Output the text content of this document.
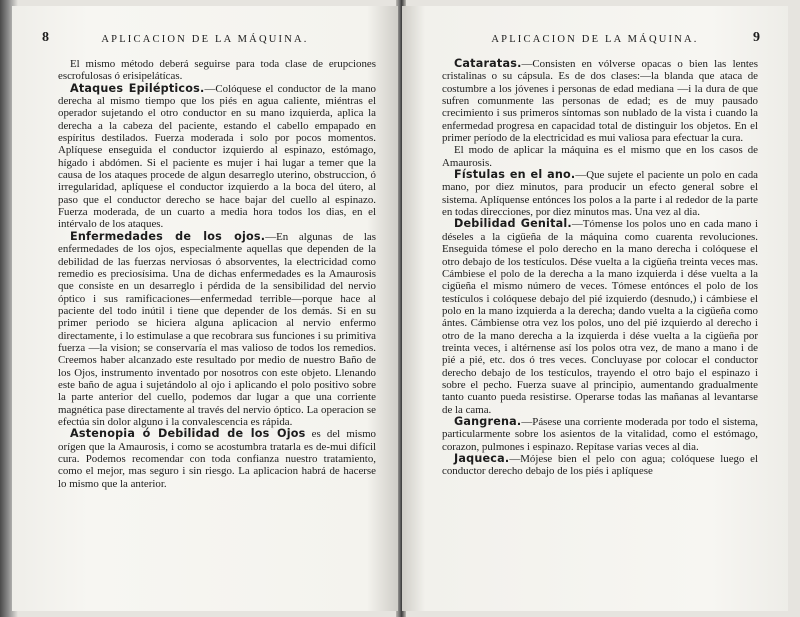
8	APLICACION DE LA MÁQUINA.

El mismo método deberá seguirse para toda clase de erupciones escrofulosas ó erisipelátícas.

Ataques Epilépticos.—Colóquese el conductor de la mano derecha al mismo tiempo que los piés en agua caliente, miéntras el operador sujetando el otro conductor en su mano izquierda, aplica la derecha a la cabeza del paciente, estando el cabello empapado en espíritus destilados. Fuerza moderada i solo por pocos momentos. Aplíquese enseguida el conductor izquierdo al espinazo, estómago, hígado i abdómen. Si el paciente es mujer i hai lugar a temer que la causa de los ataques procede de algun desarreglo uterino, obstruccion, ó irregularidad, aplíquese el conductor izquierdo a la boca del útero, al paso que el conductor derecho se hace bajar del cuello al espinazo. Fuerza moderada, de un cuarto a media hora todos los dias, en el intérvalo de los ataques.

Enfermedades de los ojos.—En algunas de las enfermedades de los ojos, especialmente aquellas que dependen de la debilidad de las fuerzas nerviosas ó absorventes, la electricidad como remedio es preciosísima. Una de dichas enfermedades es la Amaurosis que consiste en un desarreglo i pérdida de la sensibilidad del nervio óptico i sus ramificaciones—enfermedad terrible—porque hace al paciente del todo inútil i tiene que depender de los demás. Si en su primer periodo se hiciera alguna aplicacion al nervio enfermo directamente, i lo estimulase a que recobrara sus funciones i su primitiva fuerza —la vision; se conservaría el mas valioso de todos los remedios. Creemos haber alcanzado este resultado por medio de nuestro Baño de los Ojos, instrumento inventado por nosotros con este objeto. Llenando este baño de agua i sujetándolo al ojo i aplicando el polo positivo sobre la parte anterior del cuello, podemos dar lugar a que una corriente magnética pase directamente al través del nervio óptico. La operacion se efectúa sin dolor alguno i la convalescencia es rápida.

Astenopia ó Debilidad de los Ojos es del mismo orígen que la Amaurosis, i como se acostumbra tratarla es de-mui difícil cura. Podemos recomendar con toda confianza nuestro tratamiento, como el mejor, mas seguro i sin riesgo. La aplicacion habrá de hacerse lo mismo que la anterior.

APLICACION DE LA MÁQUINA.	9

Cataratas.—Consisten en vólverse opacas o bien las lentes cristalinas o su cápsula. Es de dos clases:—la blanda que ataca de costumbre a los jóvenes i personas de edad mediana —i la dura de que sufren comunmente las personas de edad; es de muy pausado crecimiento i sus primeros síntomas son nublado de la vista i cuando la enfermedad progresa en capacidad total de distinguir los objetos. En el primer período de la electricidad es mui valiosa para efectuar la cura.

El modo de aplicar la máquina es el mismo que en los casos de Amaurosis.

Fístulas en el ano.—Que sujete el paciente un polo en cada mano, por diez minutos, para producir un efecto general sobre el sistema. Aplíquense entónces los polos a la parte i al rededor de la parte en todas direcciones, por diez minutos mas. Una vez al dia.

Debilidad Genital.—Tómense los polos uno en cada mano i déseles a la cigüeña de la máquina como cuarenta revoluciones. Enseguida tómese el polo derecho en la mano derecha i colóquese el otro debajo de los testículos. Dése vuelta a la cigüeña treinta veces mas. Cámbiese el polo de la derecha a la mano izquierda i dése vuelta a la cigüeña el mismo número de veces. Tómese entónces el polo de los testículos i colóquese debajo del pié izquierdo (desnudo,) i cámbiese el polo en la mano izquierda a la derecha; dando vuelta a la cigüeña como ántes. Cámbiense otra vez los polos, uno del pié izquierdo al derecho i otro de la mano derecha a la izquierda i dése vuelta a la cigüeña por treinta veces, i altérnense así los polos otra vez, de mano a mano i de pié a pié, etc. dos ó tres veces. Concluyase por colocar el conductor derecho debajo de los testículos, trayendo el otro bajo el espinazo i sobre el pecho. Fuerza suave al principio, aumentando gradualmente tanto cuanto pueda resistirse. Operarse todas las mañanas al levantarse de la cama.

Gangrena.—Pásese una corriente moderada por todo el sistema, particularmente sobre los asientos de la vitalidad, como el estómago, corazon, pulmones i espinazo. Repítase varias veces al dia.

Jaqueca.—Mójese bien el pelo con agua; colóquese luego el conductor derecho debajo de los piés i aplíquese
